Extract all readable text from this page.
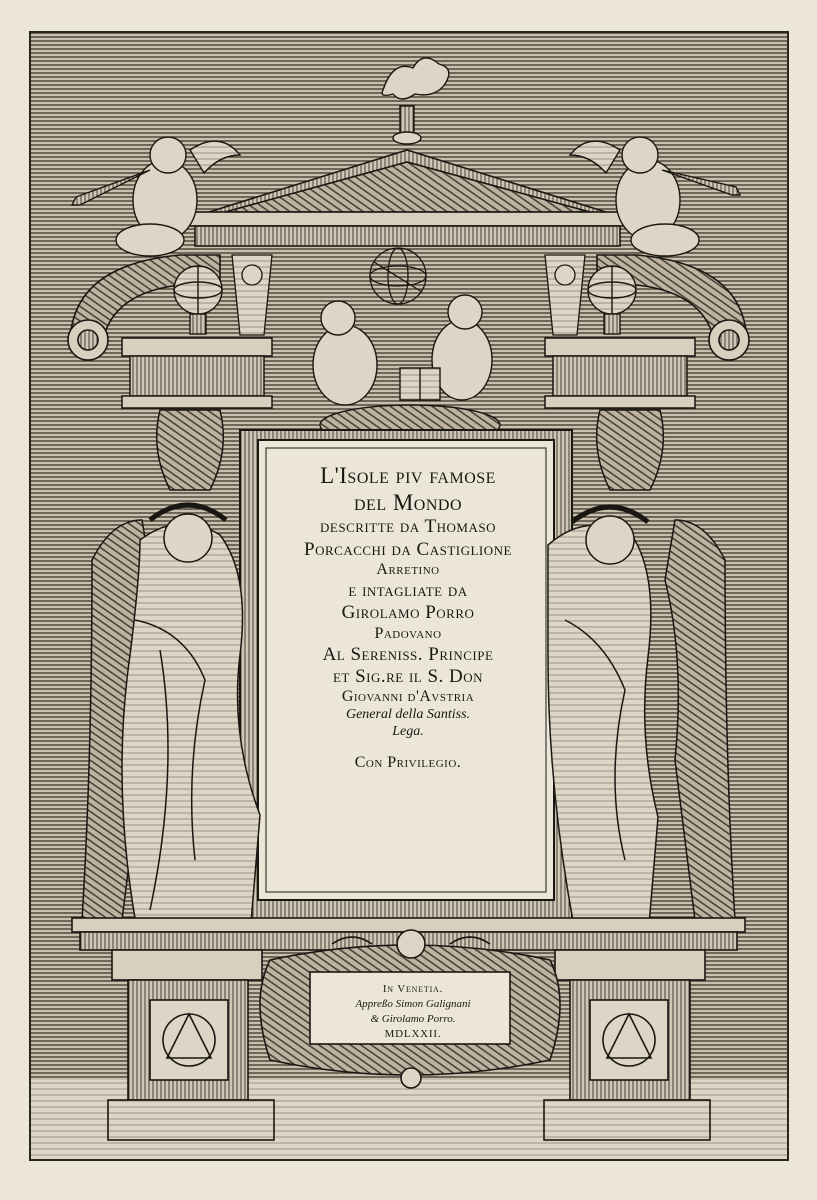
L'Isole piv famose
del Mondo
descritte da Thomaso
Porcacchi da Castiglione
Arretino
e intagliate da
Girolamo Porro
Padovano
Al Sereniss. Principe
et Sig.re il S. Don
Giovanni d'Avstria
General della Santiss.
Lega.
Con Privilegio.
In Venetia.
Appreßo Simon Galignani
& Girolamo Porro.
MDLXXII.
